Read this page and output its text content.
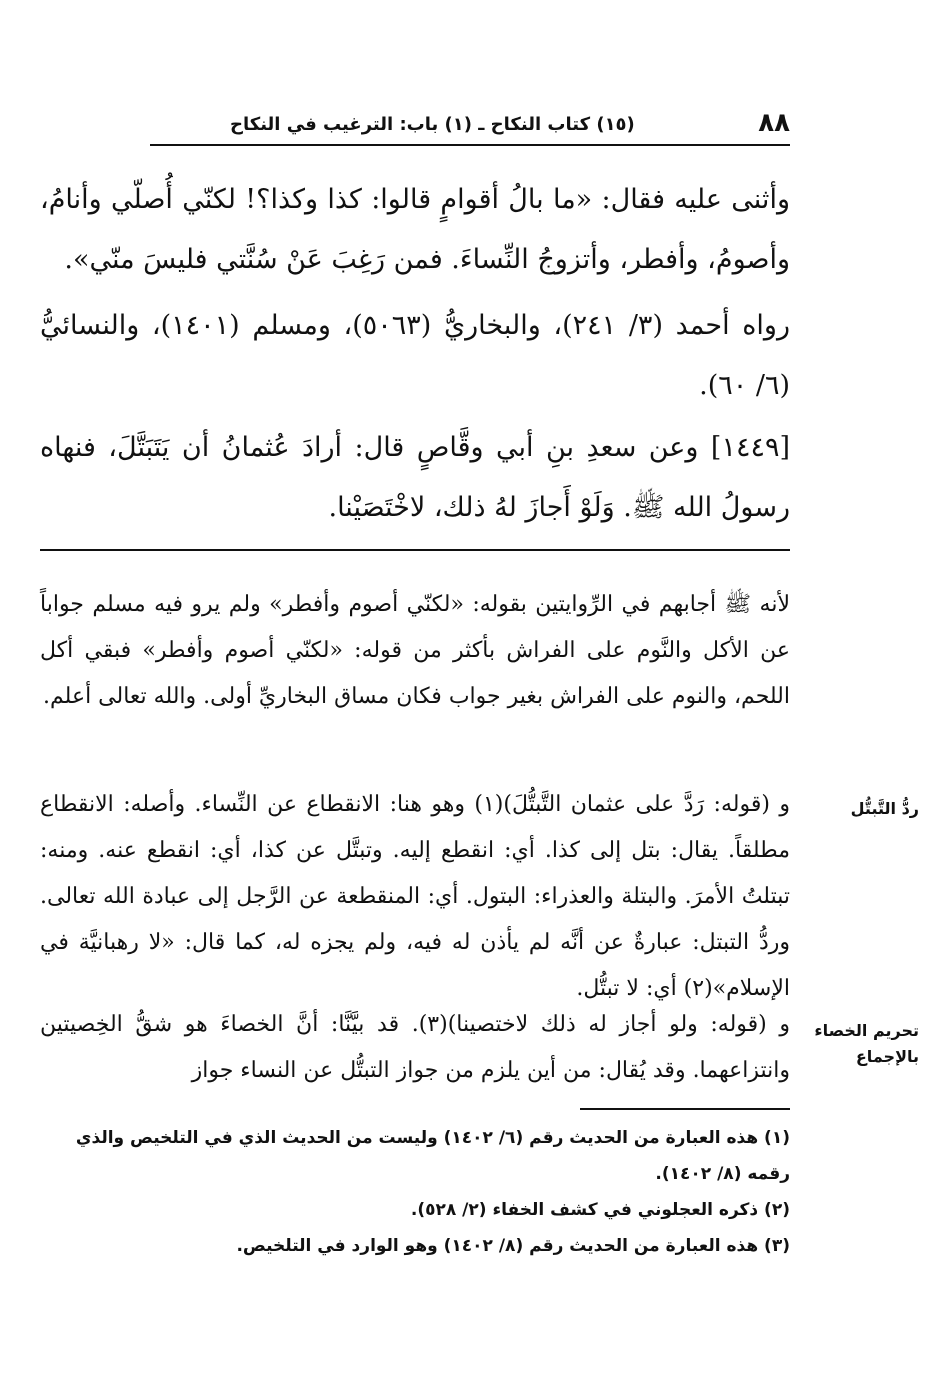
٨٨
(١٥) كتاب النكاح ـ (١) باب: الترغيب في النكاح

وأثنى عليه فقال: «ما بالُ أقوامٍ قالوا: كذا وكذا؟! لكنّي أُصلّي وأنامُ، وأصومُ، وأفطر، وأتزوجُ النِّساءَ. فمن رَغِبَ عَنْ سُنَّتي فليسَ منّي».

رواه أحمد (٣/ ٢٤١)، والبخاريُّ (٥٠٦٣)، ومسلم (١٤٠١)، والنسائيُّ (٦/ ٦٠).

[١٤٤٩] وعن سعدِ بنِ أبي وقَّاصٍ قال: أرادَ عُثمانُ أن يَتَبَتَّلَ، فنهاه رسولُ الله ﷺ. وَلَوْ أَجازَ لهُ ذلك، لاخْتَصَيْنا.

لأنه ﷺ أجابهم في الرِّوايتين بقوله: «لكنّي أصوم وأفطر» ولم يرو فيه مسلم جواباً عن الأكل والنَّوم على الفراش بأكثر من قوله: «لكنّي أصوم وأفطر» فبقي أكل اللحم، والنوم على الفراش بغير جواب فكان مساق البخاريِّ أولى. والله تعالى أعلم.

و (قوله: رَدَّ على عثمان التَّبتُّلَ)(١) وهو هنا: الانقطاع عن النِّساء. وأصله: الانقطاع مطلقاً. يقال: بتل إلى كذا. أي: انقطع إليه. وتبتَّل عن كذا، أي: انقطع عنه. ومنه: تبتلتُ الأمرَ. والبتلة والعذراء: البتول. أي: المنقطعة عن الرَّجل إلى عبادة الله تعالى. وردُّ التبتل: عبارةٌ عن أنَّه لم يأذن له فيه، ولم يجزه له، كما قال: «لا رهبانيَّة في الإسلام»(٢) أي: لا تبتُّل.

و (قوله: ولو أجاز له ذلك لاختصينا)(٣). قد بيَّنَّا: أنَّ الخصاءَ هو شقُّ الخِصيتين وانتزاعهما. وقد يُقال: من أين يلزم من جواز التبتُّل عن النساء جواز

ردُّ التَّبتُّل
تحريم الخصاء بالإجماع

(١) هذه العبارة من الحديث رقم (٦/ ١٤٠٢) وليست من الحديث الذي في التلخيص والذي رقمه (٨/ ١٤٠٢).

(٢) ذكره العجلوني في كشف الخفاء (٢/ ٥٢٨).

(٣) هذه العبارة من الحديث رقم (٨/ ١٤٠٢) وهو الوارد في التلخيص.
